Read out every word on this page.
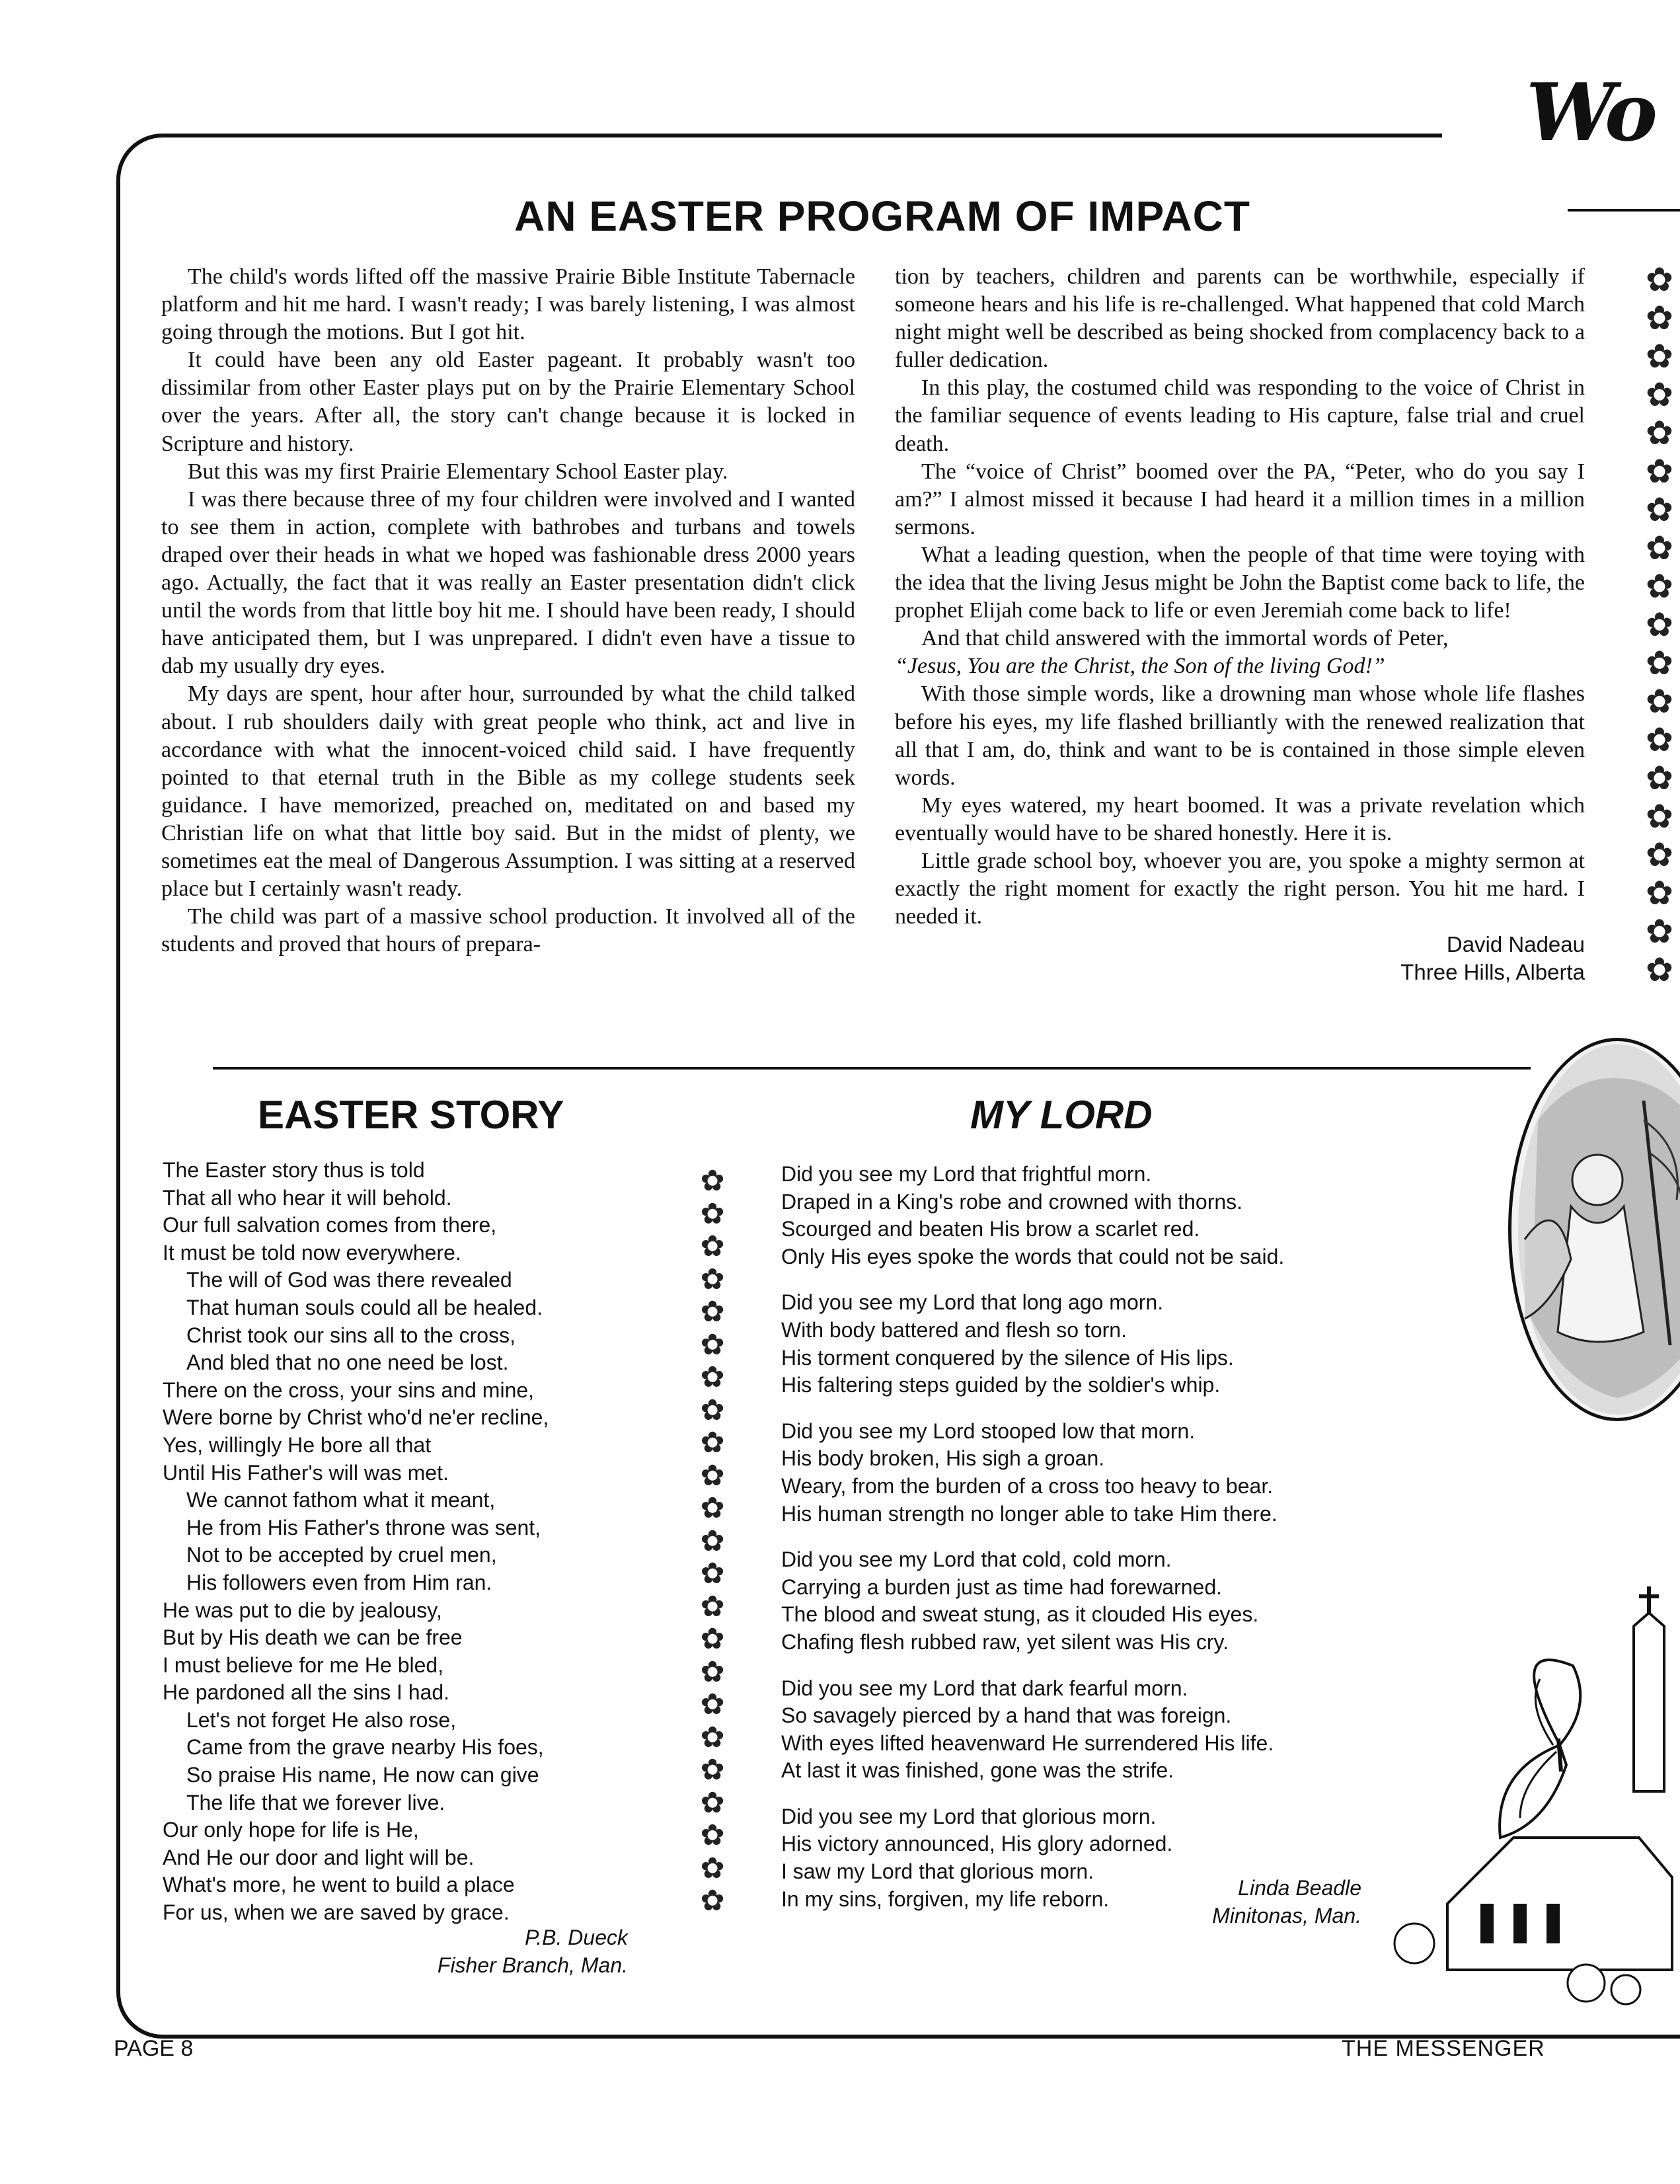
Wo
AN EASTER PROGRAM OF IMPACT

The child's words lifted off the massive Prairie Bible Institute Tabernacle platform and hit me hard. I wasn't ready; I was barely listening, I was almost going through the motions. But I got hit.

It could have been any old Easter pageant. It probably wasn't too dissimilar from other Easter plays put on by the Prairie Elementary School over the years. After all, the story can't change because it is locked in Scripture and history.

But this was my first Prairie Elementary School Easter play.

I was there because three of my four children were involved and I wanted to see them in action, complete with bathrobes and turbans and towels draped over their heads in what we hoped was fashionable dress 2000 years ago. Actually, the fact that it was really an Easter presentation didn't click until the words from that little boy hit me. I should have been ready, I should have anticipated them, but I was unprepared. I didn't even have a tissue to dab my usually dry eyes.

My days are spent, hour after hour, surrounded by what the child talked about. I rub shoulders daily with great people who think, act and live in accordance with what the innocent-voiced child said. I have frequently pointed to that eternal truth in the Bible as my college students seek guidance. I have memorized, preached on, meditated on and based my Christian life on what that little boy said. But in the midst of plenty, we sometimes eat the meal of Dangerous Assumption. I was sitting at a reserved place but I certainly wasn't ready.

The child was part of a massive school production. It involved all of the students and proved that hours of prepara-

tion by teachers, children and parents can be worthwhile, especially if someone hears and his life is re-challenged. What happened that cold March night might well be described as being shocked from complacency back to a fuller dedication.

In this play, the costumed child was responding to the voice of Christ in the familiar sequence of events leading to His capture, false trial and cruel death.

The “voice of Christ” boomed over the PA, “Peter, who do you say I am?” I almost missed it because I had heard it a million times in a million sermons.

What a leading question, when the people of that time were toying with the idea that the living Jesus might be John the Baptist come back to life, the prophet Elijah come back to life or even Jeremiah come back to life!

And that child answered with the immortal words of Peter,

“Jesus, You are the Christ, the Son of the living God!”

With those simple words, like a drowning man whose whole life flashes before his eyes, my life flashed brilliantly with the renewed realization that all that I am, do, think and want to be is contained in those simple eleven words.

My eyes watered, my heart boomed. It was a private revelation which eventually would have to be shared honestly. Here it is.

Little grade school boy, whoever you are, you spoke a mighty sermon at exactly the right moment for exactly the right person. You hit me hard. I needed it.

David Nadeau
Three Hills, Alberta
✿
✿
✿
✿
✿
✿
✿
✿
✿
✿
✿
✿
✿
✿
✿
✿
✿
✿
✿
EASTER STORY	MY LORD
The Easter story thus is told
That all who hear it will behold.
Our full salvation comes from there,
It must be told now everywhere.
The will of God was there revealed
That human souls could all be healed.
Christ took our sins all to the cross,
And bled that no one need be lost.
There on the cross, your sins and mine,
Were borne by Christ who'd ne'er recline,
Yes, willingly He bore all that
Until His Father's will was met.
We cannot fathom what it meant,
He from His Father's throne was sent,
Not to be accepted by cruel men,
His followers even from Him ran.
He was put to die by jealousy,
But by His death we can be free
I must believe for me He bled,
He pardoned all the sins I had.
Let's not forget He also rose,
Came from the grave nearby His foes,
So praise His name, He now can give
The life that we forever live.
Our only hope for life is He,
And He our door and light will be.
What's more, he went to build a place
For us, when we are saved by grace.
P.B. Dueck
Fisher Branch, Man.
✿
✿
✿
✿
✿
✿
✿
✿
✿
✿
✿
✿
✿
✿
✿
✿
✿
✿
✿
✿
✿
✿
✿
Did you see my Lord that frightful morn.
Draped in a King's robe and crowned with thorns.
Scourged and beaten His brow a scarlet red.
Only His eyes spoke the words that could not be said.
Did you see my Lord that long ago morn.
With body battered and flesh so torn.
His torment conquered by the silence of His lips.
His faltering steps guided by the soldier's whip.
Did you see my Lord stooped low that morn.
His body broken, His sigh a groan.
Weary, from the burden of a cross too heavy to bear.
His human strength no longer able to take Him there.
Did you see my Lord that cold, cold morn.
Carrying a burden just as time had forewarned.
The blood and sweat stung, as it clouded His eyes.
Chafing flesh rubbed raw, yet silent was His cry.
Did you see my Lord that dark fearful morn.
So savagely pierced by a hand that was foreign.
With eyes lifted heavenward He surrendered His life.
At last it was finished, gone was the strife.
Did you see my Lord that glorious morn.
His victory announced, His glory adorned.
I saw my Lord that glorious morn.
In my sins, forgiven, my life reborn.	Linda Beadle
Minitonas, Man.
PAGE 8	THE MESSENGER
